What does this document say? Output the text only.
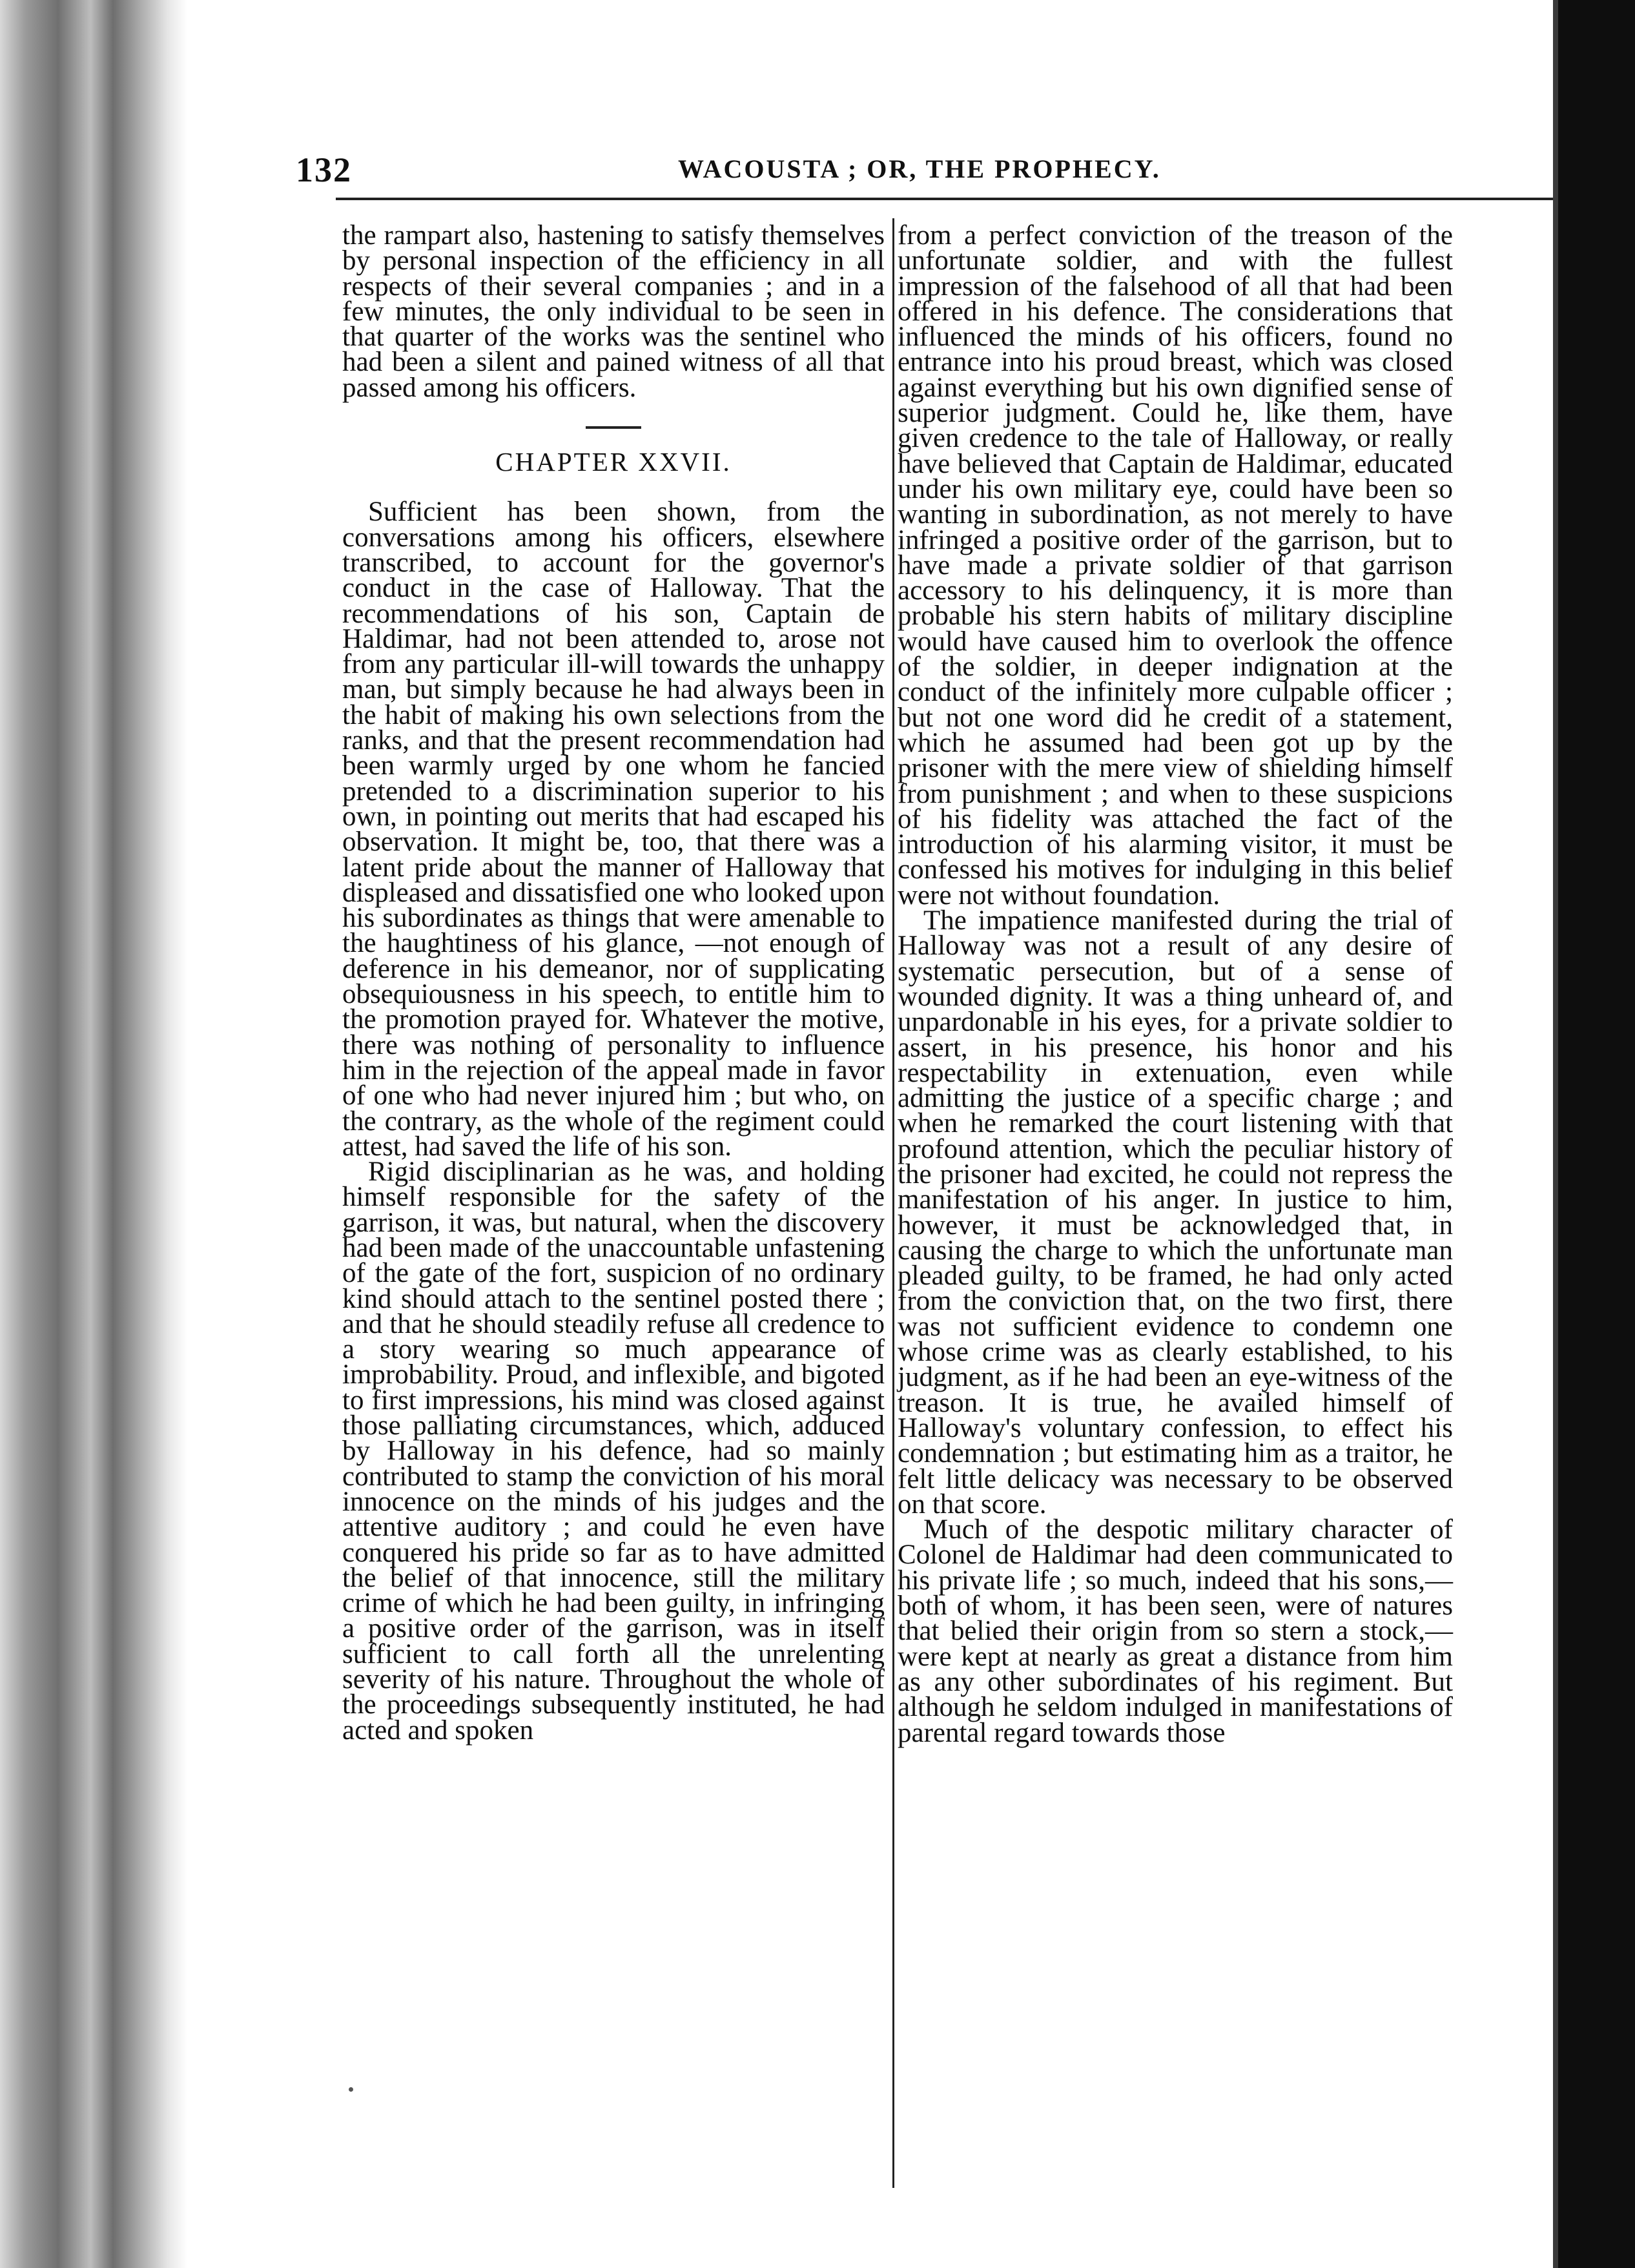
132	WACOUSTA ; OR, THE PROPHECY.

the rampart also, hastening to satisfy themselves by personal inspection of the efficiency in all respects of their several companies ; and in a few minutes, the only individual to be seen in that quarter of the works was the sentinel who had been a silent and pained witness of all that passed among his officers.

CHAPTER XXVII.

Sufficient has been shown, from the conversations among his officers, elsewhere transcribed, to account for the governor's conduct in the case of Halloway. That the recommendations of his son, Captain de Haldimar, had not been attended to, arose not from any particular ill-will towards the unhappy man, but simply because he had always been in the habit of making his own selections from the ranks, and that the present recommendation had been warmly urged by one whom he fancied pretended to a discrimination superior to his own, in pointing out merits that had escaped his observation. It might be, too, that there was a latent pride about the manner of Halloway that displeased and dissatisfied one who looked upon his subordinates as things that were amenable to the haughtiness of his glance, —not enough of deference in his demeanor, nor of supplicating obsequiousness in his speech, to entitle him to the promotion prayed for. Whatever the motive, there was nothing of personality to influence him in the rejection of the appeal made in favor of one who had never injured him ; but who, on the contrary, as the whole of the regiment could attest, had saved the life of his son.

Rigid disciplinarian as he was, and holding himself responsible for the safety of the garrison, it was, but natural, when the discovery had been made of the unaccountable unfastening of the gate of the fort, suspicion of no ordinary kind should attach to the sentinel posted there ; and that he should steadily refuse all credence to a story wearing so much appearance of improbability. Proud, and inflexible, and bigoted to first impressions, his mind was closed against those palliating circumstances, which, adduced by Halloway in his defence, had so mainly contributed to stamp the conviction of his moral innocence on the minds of his judges and the attentive auditory ; and could he even have conquered his pride so far as to have admitted the belief of that innocence, still the military crime of which he had been guilty, in infringing a positive order of the garrison, was in itself sufficient to call forth all the unrelenting severity of his nature. Throughout the whole of the proceedings subsequently instituted, he had acted and spoken

from a perfect conviction of the treason of the unfortunate soldier, and with the fullest impression of the falsehood of all that had been offered in his defence. The considerations that influenced the minds of his officers, found no entrance into his proud breast, which was closed against everything but his own dignified sense of superior judgment. Could he, like them, have given credence to the tale of Halloway, or really have believed that Captain de Haldimar, educated under his own military eye, could have been so wanting in subordination, as not merely to have infringed a positive order of the garrison, but to have made a private soldier of that garrison accessory to his delinquency, it is more than probable his stern habits of military discipline would have caused him to overlook the offence of the soldier, in deeper indignation at the conduct of the infinitely more culpable officer ; but not one word did he credit of a statement, which he assumed had been got up by the prisoner with the mere view of shielding himself from punishment ; and when to these suspicions of his fidelity was attached the fact of the introduction of his alarming visitor, it must be confessed his motives for indulging in this belief were not without foundation.

The impatience manifested during the trial of Halloway was not a result of any desire of systematic persecution, but of a sense of wounded dignity. It was a thing unheard of, and unpardonable in his eyes, for a private soldier to assert, in his presence, his honor and his respectability in extenuation, even while admitting the justice of a specific charge ; and when he remarked the court listening with that profound attention, which the peculiar history of the prisoner had excited, he could not repress the manifestation of his anger. In justice to him, however, it must be acknowledged that, in causing the charge to which the unfortunate man pleaded guilty, to be framed, he had only acted from the conviction that, on the two first, there was not sufficient evidence to condemn one whose crime was as clearly established, to his judgment, as if he had been an eye-witness of the treason. It is true, he availed himself of Halloway's voluntary confession, to effect his condemnation ; but estimating him as a traitor, he felt little delicacy was necessary to be observed on that score.

Much of the despotic military character of Colonel de Haldimar had deen communicated to his private life ; so much, indeed that his sons,—both of whom, it has been seen, were of natures that belied their origin from so stern a stock,—were kept at nearly as great a distance from him as any other subordinates of his regiment. But although he seldom indulged in manifestations of parental regard towards those
